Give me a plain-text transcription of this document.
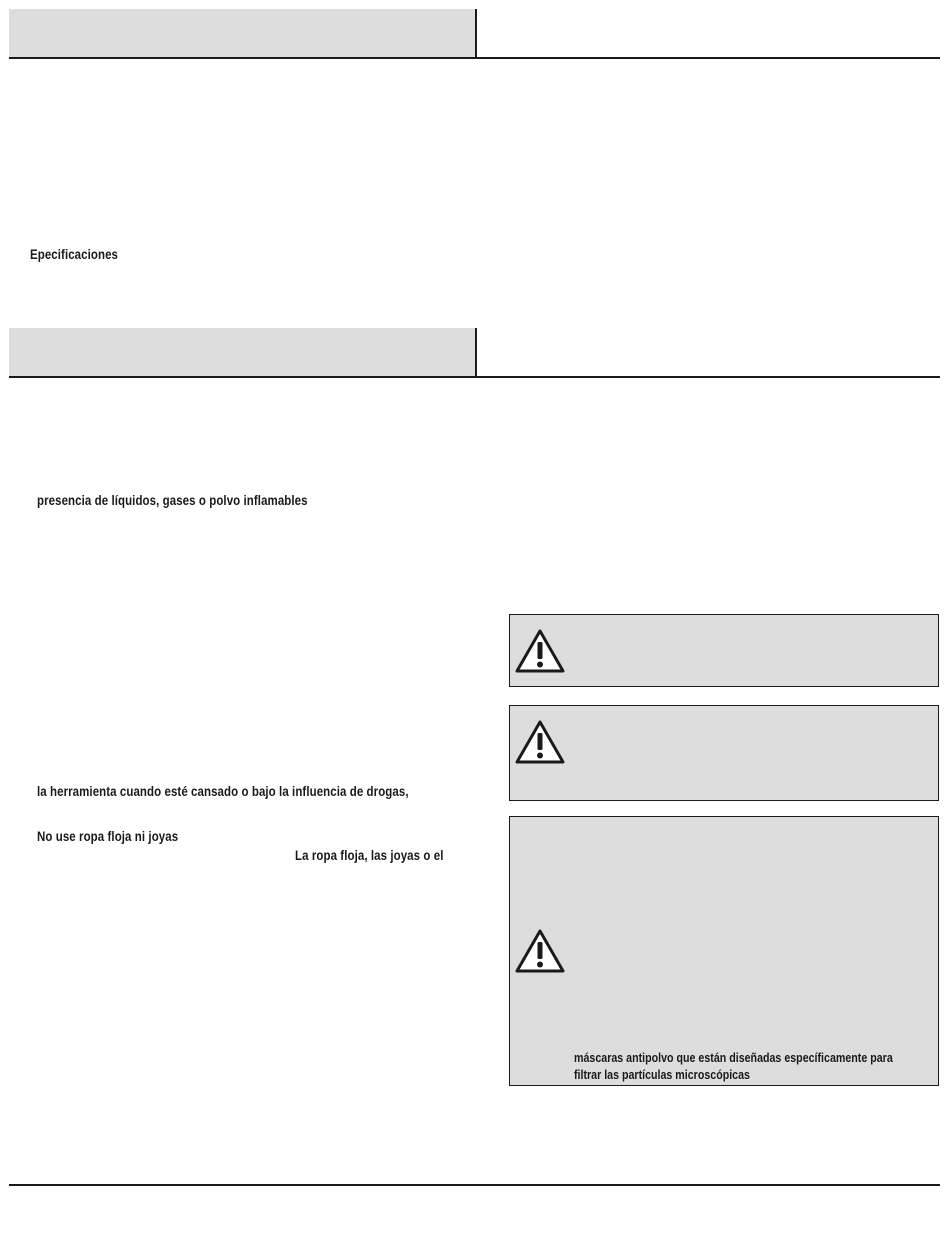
Epecificaciones
presencia de líquidos, gases o polvo inflamables
la herramienta cuando esté cansado o bajo la influencia de drogas,
No use ropa floja ni joyas
La ropa floja, las joyas o el
máscaras antipolvo que están diseñadas específicamente para
filtrar las partículas microscópicas
